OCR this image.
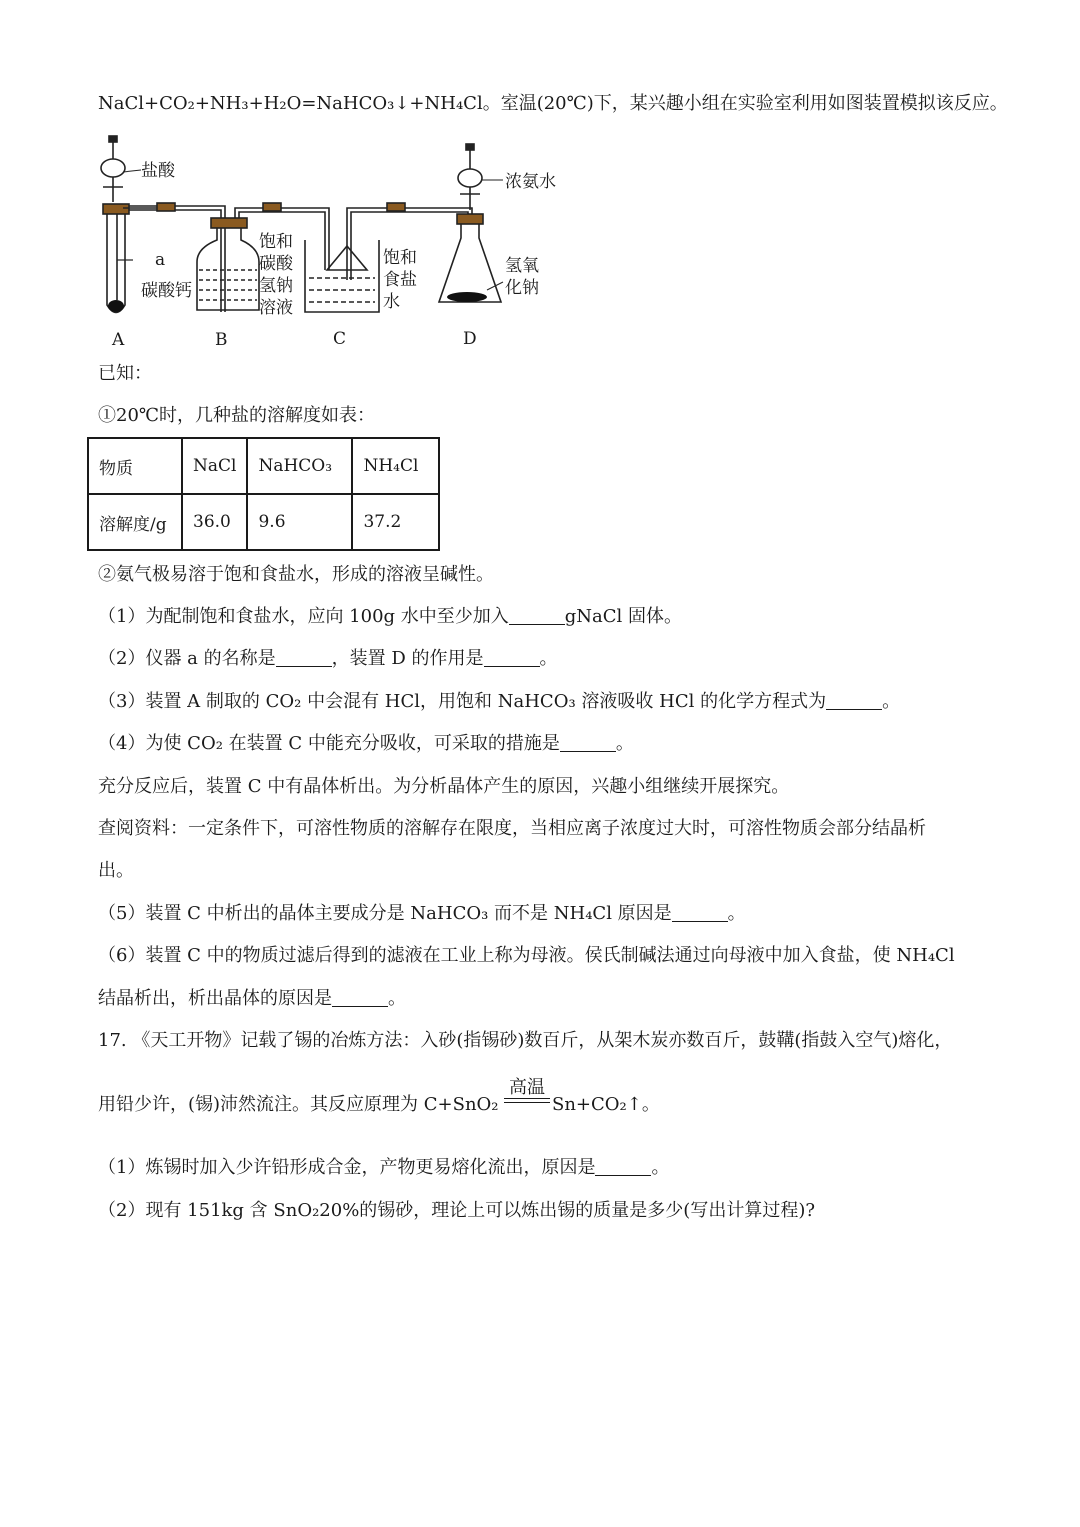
NaCl+CO₂+NH₃+H₂O=NaHCO₃↓+NH₄Cl。室温(20℃)下，某兴趣小组在实验室利用如图装置模拟该反应。
a
碳酸钙
盐酸
饱和
碳酸
氢钠
溶液
饱和
食盐
水
浓氨水
氢氧
化钠
A	B	C	D
已知：
①20℃时，几种盐的溶解度如表：
物质	NaCl	NaHCO₃	NH₄Cl
溶解度/g	36.0	9.6	37.2
②氨气极易溶于饱和食盐水，形成的溶液呈碱性。
（1）为配制饱和食盐水，应向 100g 水中至少加入	gNaCl 固体。
（2）仪器 a 的名称是	，装置 D 的作用是	。
（3）装置 A 制取的 CO₂ 中会混有 HCl，用饱和 NaHCO₃ 溶液吸收 HCl 的化学方程式为	。
（4）为使 CO₂ 在装置 C 中能充分吸收，可采取的措施是	。
充分反应后，装置 C 中有晶体析出。为分析晶体产生的原因，兴趣小组继续开展探究。
查阅资料：一定条件下，可溶性物质的溶解存在限度，当相应离子浓度过大时，可溶性物质会部分结晶析
出。
（5）装置 C 中析出的晶体主要成分是 NaHCO₃ 而不是 NH₄Cl 原因是	。
（6）装置 C 中的物质过滤后得到的滤液在工业上称为母液。侯氏制碱法通过向母液中加入食盐，使 NH₄Cl
结晶析出，析出晶体的原因是	。
17. 《天工开物》记载了锡的冶炼方法：入砂(指锡砂)数百斤，从架木炭亦数百斤，鼓鞲(指鼓入空气)熔化，
高温
用铅少许，(锡)沛然流注。其反应原理为 C+SnO₂	Sn+CO₂↑。
（1）炼锡时加入少许铅形成合金，产物更易熔化流出，原因是	。
（2）现有 151kg 含 SnO₂20%的锡砂，理论上可以炼出锡的质量是多少(写出计算过程)?
